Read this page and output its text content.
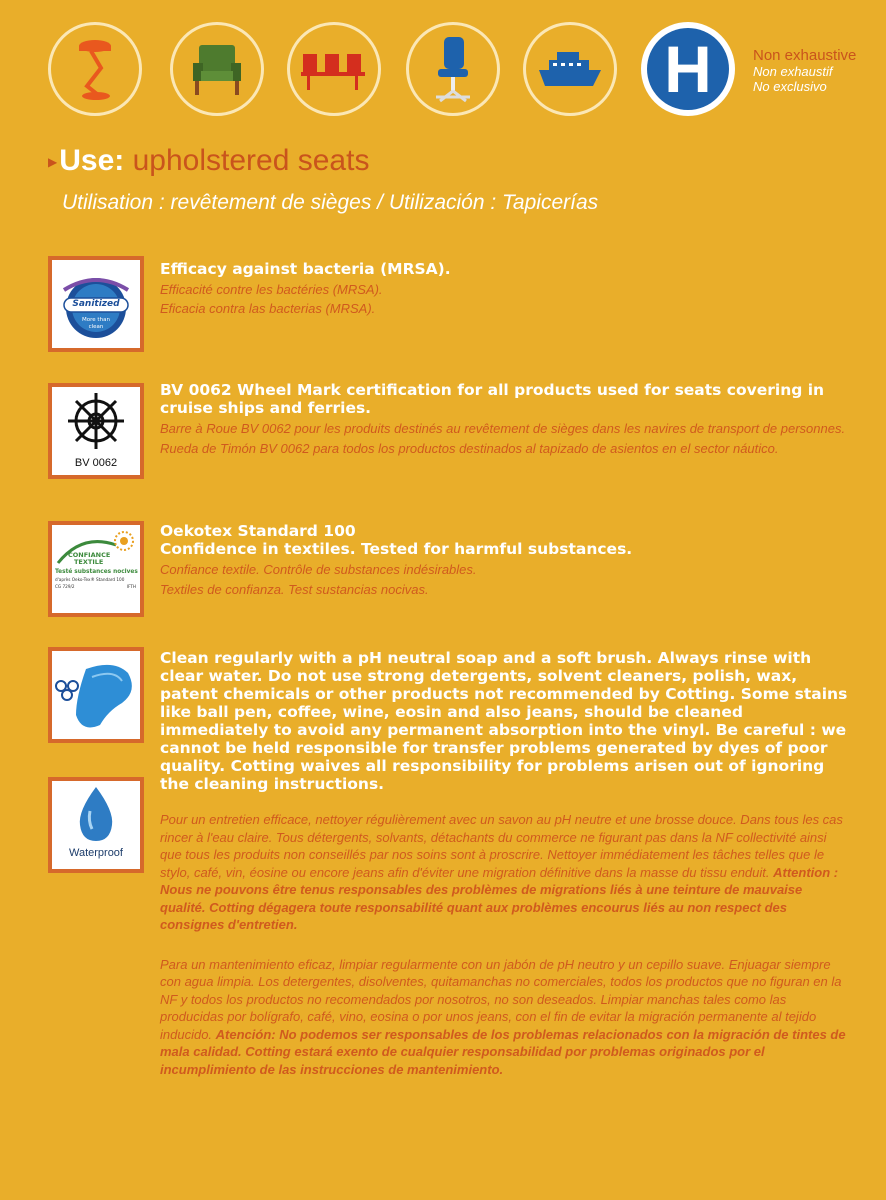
H	Non exhaustive
Non exhaustif
No exclusivo
▶Use: upholstered seats
Utilisation : revêtement de sièges / Utilización : Tapicerías
Sanitized
More than clean
Efficacy against bacteria (MRSA).
Efficacité contre les bactéries (MRSA).
Eficacia contra las bacterias (MRSA).
BV 0062
BV 0062 Wheel Mark certification for all products used for seats covering in cruise ships and ferries.
Barre à Roue BV 0062 pour les produits destinés au revêtement de sièges dans les navires de transport de personnes.
Rueda de Timón BV 0062 para todos los productos destinados al tapizado de asientos en el sector náutico.
CONFIANCE
TEXTILE
Testé substances nocives
d'après Oeko-Tex® Standard 100
CG 729/2	IFTH
Oekotex Standard 100
Confidence in textiles. Tested for harmful substances.
Confiance textile. Contrôle de substances indésirables.
Textiles de confianza. Test sustancias nocivas.
Waterproof
Clean regularly with a pH neutral soap and a soft brush. Always rinse with clear water. Do not use strong detergents, solvent cleaners, polish, wax, patent chemicals or other products not recommended by Cotting. Some stains like ball pen, coffee, wine, eosin and also jeans, should be cleaned immediately to avoid any permanent absorption into the vinyl. Be careful : we cannot be held responsible for transfer problems generated by dyes of poor quality. Cotting waives all responsibility for problems arisen out of ignoring the cleaning instructions.
Pour un entretien efficace, nettoyer régulièrement avec un savon au pH neutre et une brosse douce. Dans tous les cas rincer à l'eau claire. Tous détergents, solvants, détachants du commerce ne figurant pas dans la NF collectivité ainsi que tous les produits non conseillés par nos soins sont à proscrire. Nettoyer immédiatement les tâches telles que le stylo, café, vin, éosine ou encore jeans afin d'éviter une migration définitive dans la masse du tissu enduit. Attention : Nous ne pouvons être tenus responsables des problèmes de migrations liés à une teinture de mauvaise qualité. Cotting dégagera toute responsabilité quant aux problèmes encourus liés au non respect des consignes d'entretien.
Para un mantenimiento eficaz, limpiar regularmente con un jabón de pH neutro y un cepillo suave. Enjuagar siempre con agua limpia. Los detergentes, disolventes, quitamanchas no comerciales, todos los productos que no figuran en la NF y todos los productos no recomendados por nosotros, no son deseados. Limpiar manchas tales como las producidas por bolígrafo, café, vino, eosina o por unos jeans, con el fin de evitar la migración permanente al tejido inducido. Atención: No podemos ser responsables de los problemas relacionados con la migración de tintes de mala calidad. Cotting estará exento de cualquier responsabilidad por problemas originados por el incumplimiento de las instrucciones de mantenimiento.
